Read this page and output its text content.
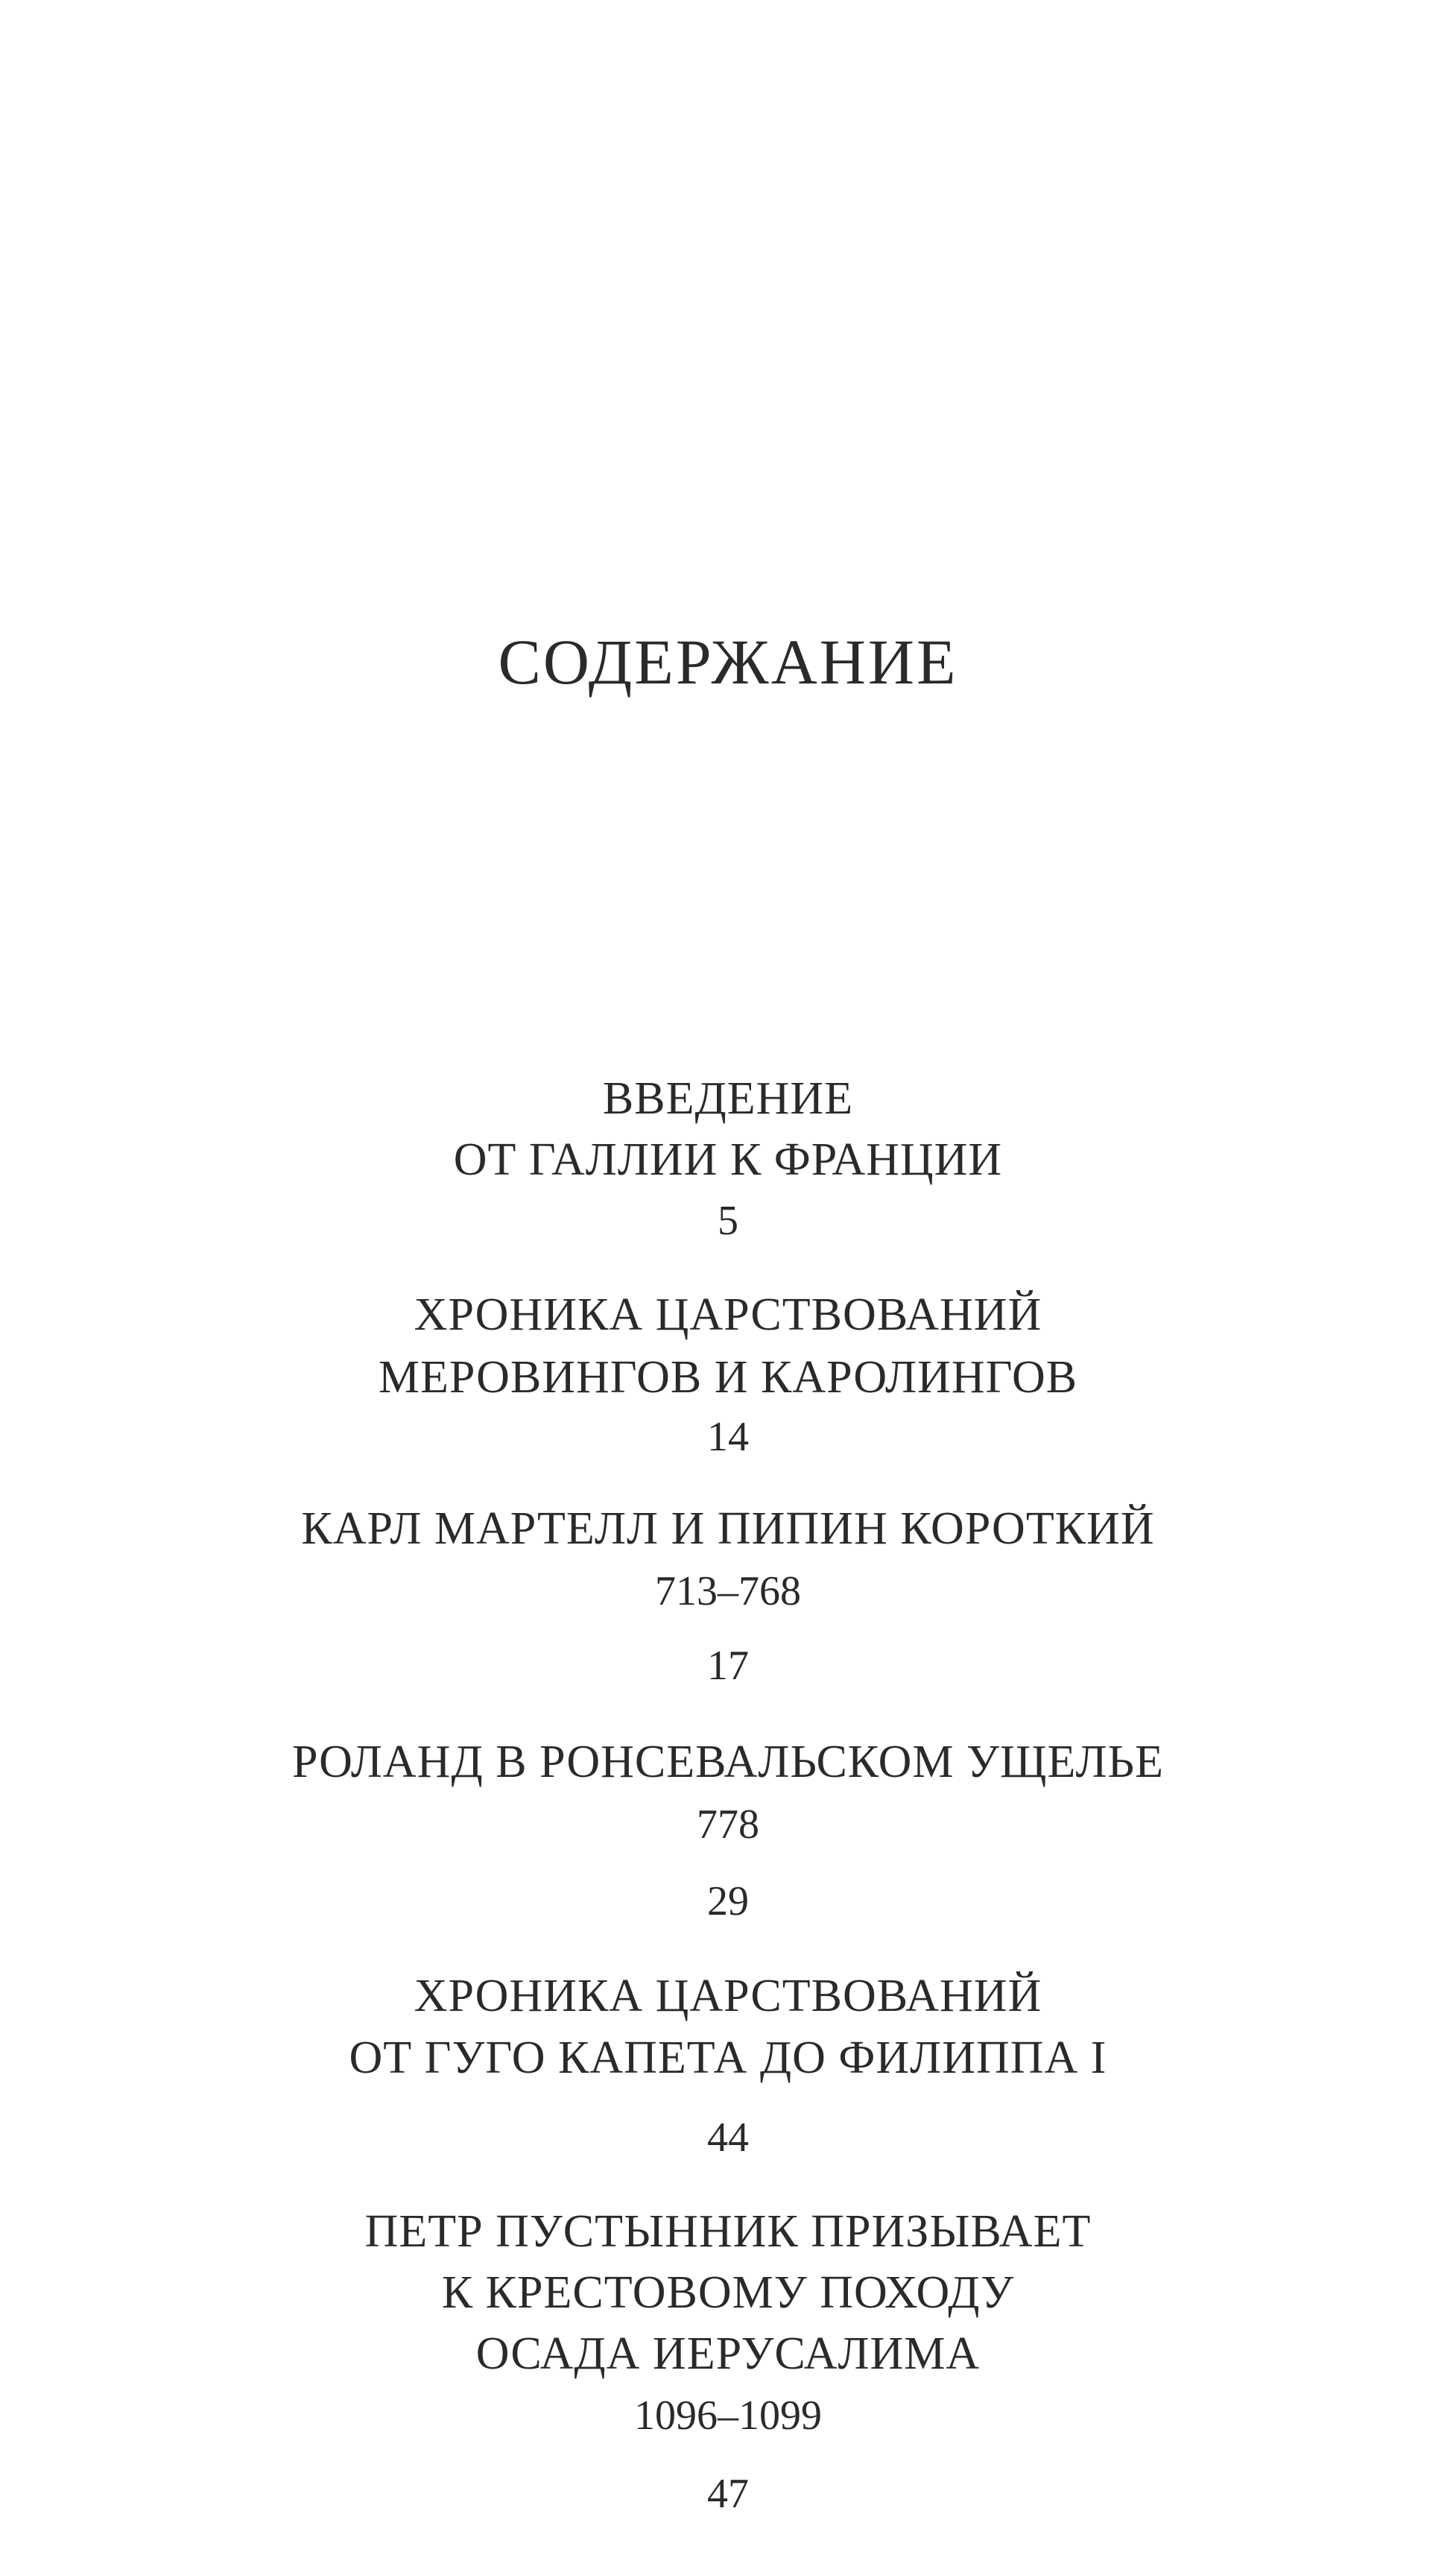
СОДЕРЖАНИЕ
ВВЕДЕНИЕ
ОТ ГАЛЛИИ К ФРАНЦИИ
5
ХРОНИКА ЦАРСТВОВАНИЙ
МЕРОВИНГОВ И КАРОЛИНГОВ
14
КАРЛ МАРТЕЛЛ И ПИПИН КОРОТКИЙ
713–768
17
РОЛАНД В РОНСЕВАЛЬСКОМ УЩЕЛЬЕ
778
29
ХРОНИКА ЦАРСТВОВАНИЙ
ОТ ГУГО КАПЕТА ДО ФИЛИППА I
44
ПЕТР ПУСТЫННИК ПРИЗЫВАЕТ
К КРЕСТОВОМУ ПОХОДУ
ОСАДА ИЕРУСАЛИМА
1096–1099
47
